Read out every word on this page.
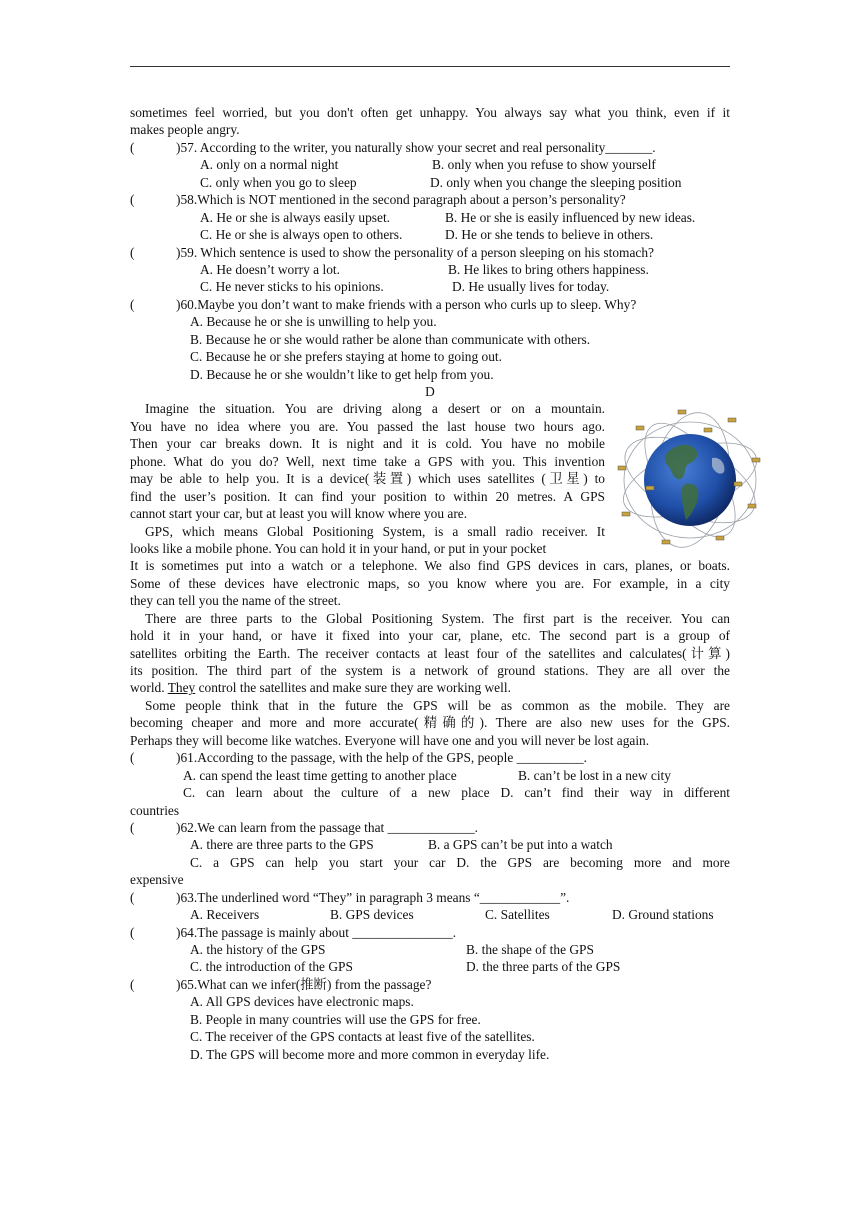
sometimes feel worried, but you don't often get unhappy. You always say what you think, even if it
makes people angry.
(	)57. According to the writer, you naturally show your secret and real personality_______.
A. only on a normal night	B. only when you refuse to show yourself
C. only when you go to sleep	D. only when you change the sleeping position
(	)58.Which is NOT mentioned in the second paragraph about a person’s personality?
A. He or she is always easily upset.	B. He or she is easily influenced by new ideas.
C. He or she is always open to others.	D. He or she tends to believe in others.
(	)59. Which sentence is used to show the personality of a person sleeping on his stomach?
A. He doesn’t worry a lot.	B. He likes to bring others happiness.
C. He never sticks to his opinions.	D. He usually lives for today.
(	)60.Maybe you don’t want to make friends with a person who curls up to sleep. Why?
A. Because he or she is unwilling to help you.
B. Because he or she would rather be alone than communicate with others.
C. Because he or she prefers staying at home to going out.
D. Because he or she wouldn’t like to get help from you.
D
Imagine the situation. You are driving along a desert or on a mountain.
You have no idea where you are. You passed the last house two hours ago.
Then your car breaks down. It is night and it is cold. You have no mobile
phone. What do you do? Well, next time take a GPS with you. This invention
may be able to help you. It is a device(装置) which uses satellites (卫星) to
find the user’s position. It can find your position to within 20 metres. A GPS
cannot start your car, but at least you will know where you are.
GPS, which means Global Positioning System, is a small radio receiver. It
looks like a mobile phone. You can hold it in your hand, or put in your pocket
It is sometimes put into a watch or a telephone. We also find GPS devices in cars, planes, or boats.
Some of these devices have electronic maps, so you know where you are. For example, in a city
they can tell you the name of the street.
There are three parts to the Global Positioning System. The first part is the receiver. You can
hold it in your hand, or have it fixed into your car, plane, etc. The second part is a group of
satellites orbiting the Earth. The receiver contacts at least four of the satellites and calculates(计算)
its position. The third part of the system is a network of ground stations. They are all over the
world. They control the satellites and make sure they are working well.
Some people think that in the future the GPS will be as common as the mobile. They are
becoming cheaper and more and more accurate(精确的). There are also new uses for the GPS.
Perhaps they will become like watches. Everyone will have one and you will never be lost again.
(	)61.According to the passage, with the help of the GPS, people __________.
A. can spend the least time getting to another place	B. can’t be lost in a new city
C. can learn about the culture of a new place D. can’t find their way in different
countries
(	)62.We can learn from the passage that _____________.
A. there are three parts to the GPS	B. a GPS can’t be put into a watch
C. a GPS can help you start your car D. the GPS are becoming more and more
expensive
(	)63.The underlined word “They” in paragraph 3 means “____________”.
A. Receivers	B. GPS devices	C. Satellites	D. Ground stations
(	)64.The passage is mainly about _______________.
A. the history of the GPS	B. the shape of the GPS
C. the introduction of the GPS	D. the three parts of the GPS
(	)65.What can we infer(推断) from the passage?
A. All GPS devices have electronic maps.
B. People in many countries will use the GPS for free.
C. The receiver of the GPS contacts at least five of the satellites.
D. The GPS will become more and more common in everyday life.
